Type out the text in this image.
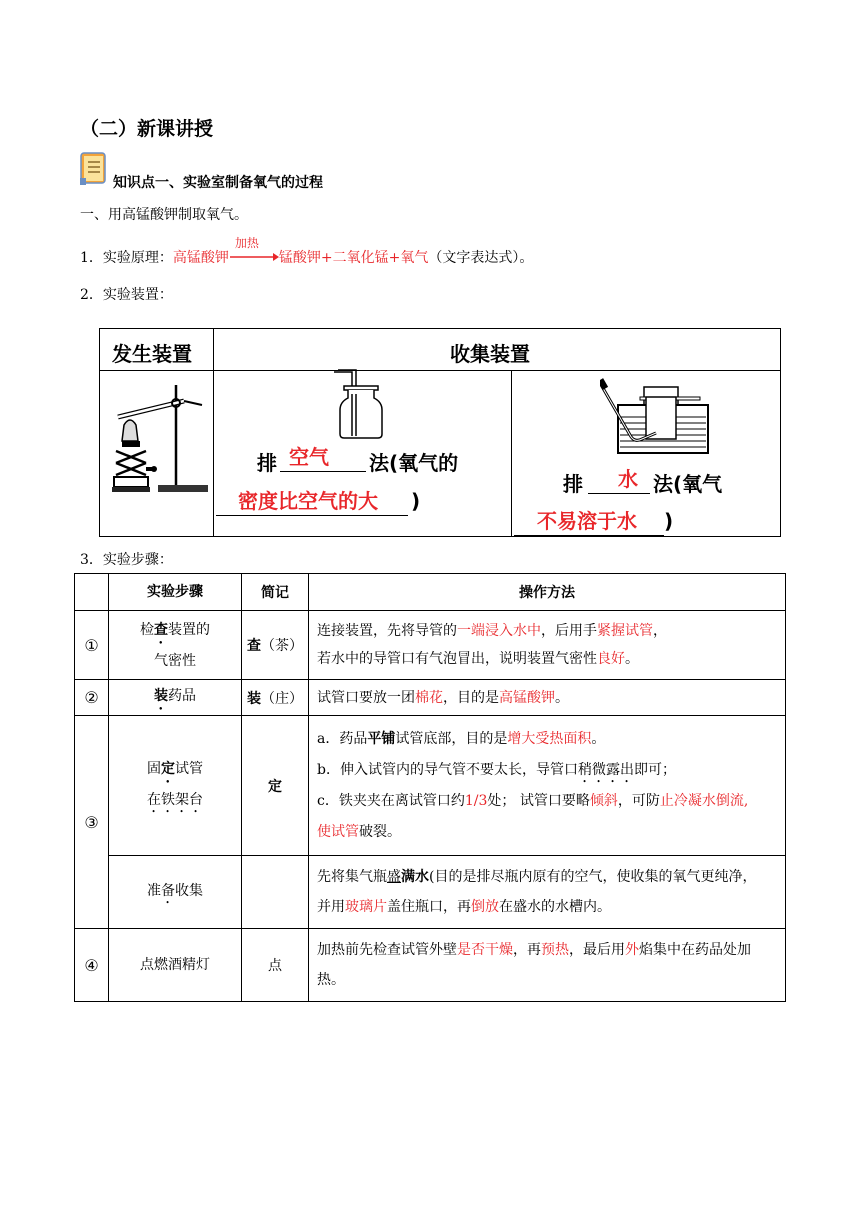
（二）新课讲授
知识点一、实验室制备氧气的过程
一、用高锰酸钾制取氧气。
1．实验原理：高锰酸钾
加热
锰酸钾+二氧化锰+氧气（文字表达式）。
2．实验装置：
发生装置	收集装置
排 空气 法(氧气的
密度比空气的大 )
排 水 法(氧气
不易溶于水 )
3．实验步骤：
	实验步骤	简记	操作方法
①	检查装置的
气密性	查（茶）	连接装置，先将导管的一端浸入水中，后用手紧握试管，
若水中的导管口有气泡冒出，说明装置气密性良好。
②	装药品	装（庄）	试管口要放一团棉花，目的是高锰酸钾。
③	固定试管
在铁架台	定	a．药品平铺试管底部，目的是增大受热面积。
b．伸入试管内的导气管不要太长，导管口稍微露出即可；
c．铁夹夹在离试管口约1/3处； 试管口要略倾斜，可防止冷凝水倒流,
使试管破裂。
	准备收集		先将集气瓶盛满水(目的是排尽瓶内原有的空气，使收集的氧气更纯净，
并用玻璃片盖住瓶口，再倒放在盛水的水槽内。
④	点燃酒精灯	点	加热前先检查试管外壁是否干燥，再预热，最后用外焰集中在药品处加
热。
